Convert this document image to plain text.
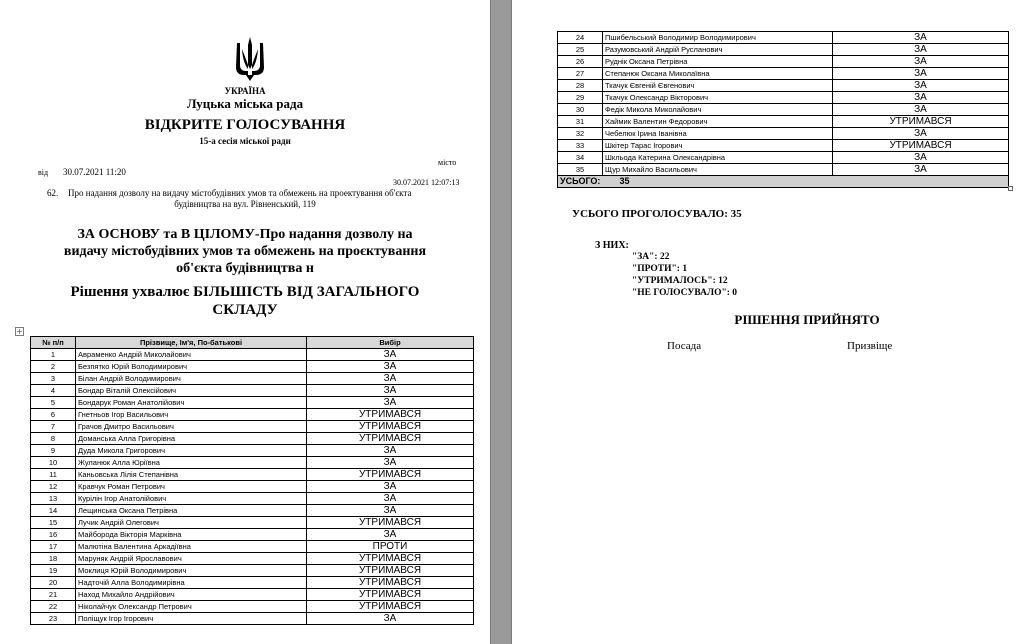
УКРАЇНА
Луцька міська рада
ВІДКРИТЕ ГОЛОСУВАННЯ
15-а сесія міської ради
місто
від 30.07.2021 11:20
30.07.2021 12:07:13
62. Про надання дозволу на видачу містобудівних умов та обмежень на проектування об'єкта
будівництва на вул. Рівненський, 119
ЗА ОСНОВУ та В ЦІЛОМУ-Про надання дозволу на
видачу містобудівних умов та обмежень на проєктування
об'єкта будівництва н
Рішення ухвалює БІЛЬШІСТЬ ВІД ЗАГАЛЬНОГО
СКЛАДУ
+
№ п/п	Прізвище, Ім'я, По-батькові	Вибір
1	Авраменко Андрій Миколайович	ЗА
2	Безпятко Юрій Володимирович	ЗА
3	Білан Андрій Володимирович	ЗА
4	Бондар Віталій Олексійович	ЗА
5	Бондарук Роман Анатолійович	ЗА
6	Гнетньов Ігор Васильович	УТРИМАВСЯ
7	Грачов Дмитро Васильович	УТРИМАВСЯ
8	Доманська Алла Григорівна	УТРИМАВСЯ
9	Дуда Микола Григорович	ЗА
10	Жуланюк Алла Юріївна	ЗА
11	Каньовська Лілія Степанівна	УТРИМАВСЯ
12	Кравчук Роман Петрович	ЗА
13	Курілін Ігор Анатолійович	ЗА
14	Лещинська Оксана Петрівна	ЗА
15	Лучик Андрій Олегович	УТРИМАВСЯ
16	Майборода Вікторія Марківна	ЗА
17	Малютіна Валентина Аркадіївна	ПРОТИ
18	Маруняк Андрій Ярославович	УТРИМАВСЯ
19	Моклиця Юрій Володимирович	УТРИМАВСЯ
20	Надточій Алла Володимирівна	УТРИМАВСЯ
21	Наход Михайло Андрійович	УТРИМАВСЯ
22	Ніколайчук Олександр Петрович	УТРИМАВСЯ
23	Поліщук Ігор Ігорович	ЗА
24	Пшибельський Володимир Володимирович	ЗА
25	Разумовський Андрій Русланович	ЗА
26	Руднік Оксана Петрівна	ЗА
27	Степанюк Оксана Миколаївна	ЗА
28	Ткачук Євгеній Євгенович	ЗА
29	Ткачук Олександр Вікторович	ЗА
30	Федік Микола Миколайович	ЗА
31	Хаймик Валентин Федорович	УТРИМАВСЯ
32	Чебелюк Ірина Іванівна	ЗА
33	Шкітер Тарас Ігорович	УТРИМАВСЯ
34	Шкльода Катерина Олександрівна	ЗА
35	Щур Михайло Васильович	ЗА
УСЬОГО: 35		
УСЬОГО ПРОГОЛОСУВАЛО: 35
З НИХ:
"ЗА": 22
"ПРОТИ": 1
"УТРИМАЛОСЬ": 12
"НЕ ГОЛОСУВАЛО": 0
РІШЕННЯ ПРИЙНЯТО
Посада	Призвіще
